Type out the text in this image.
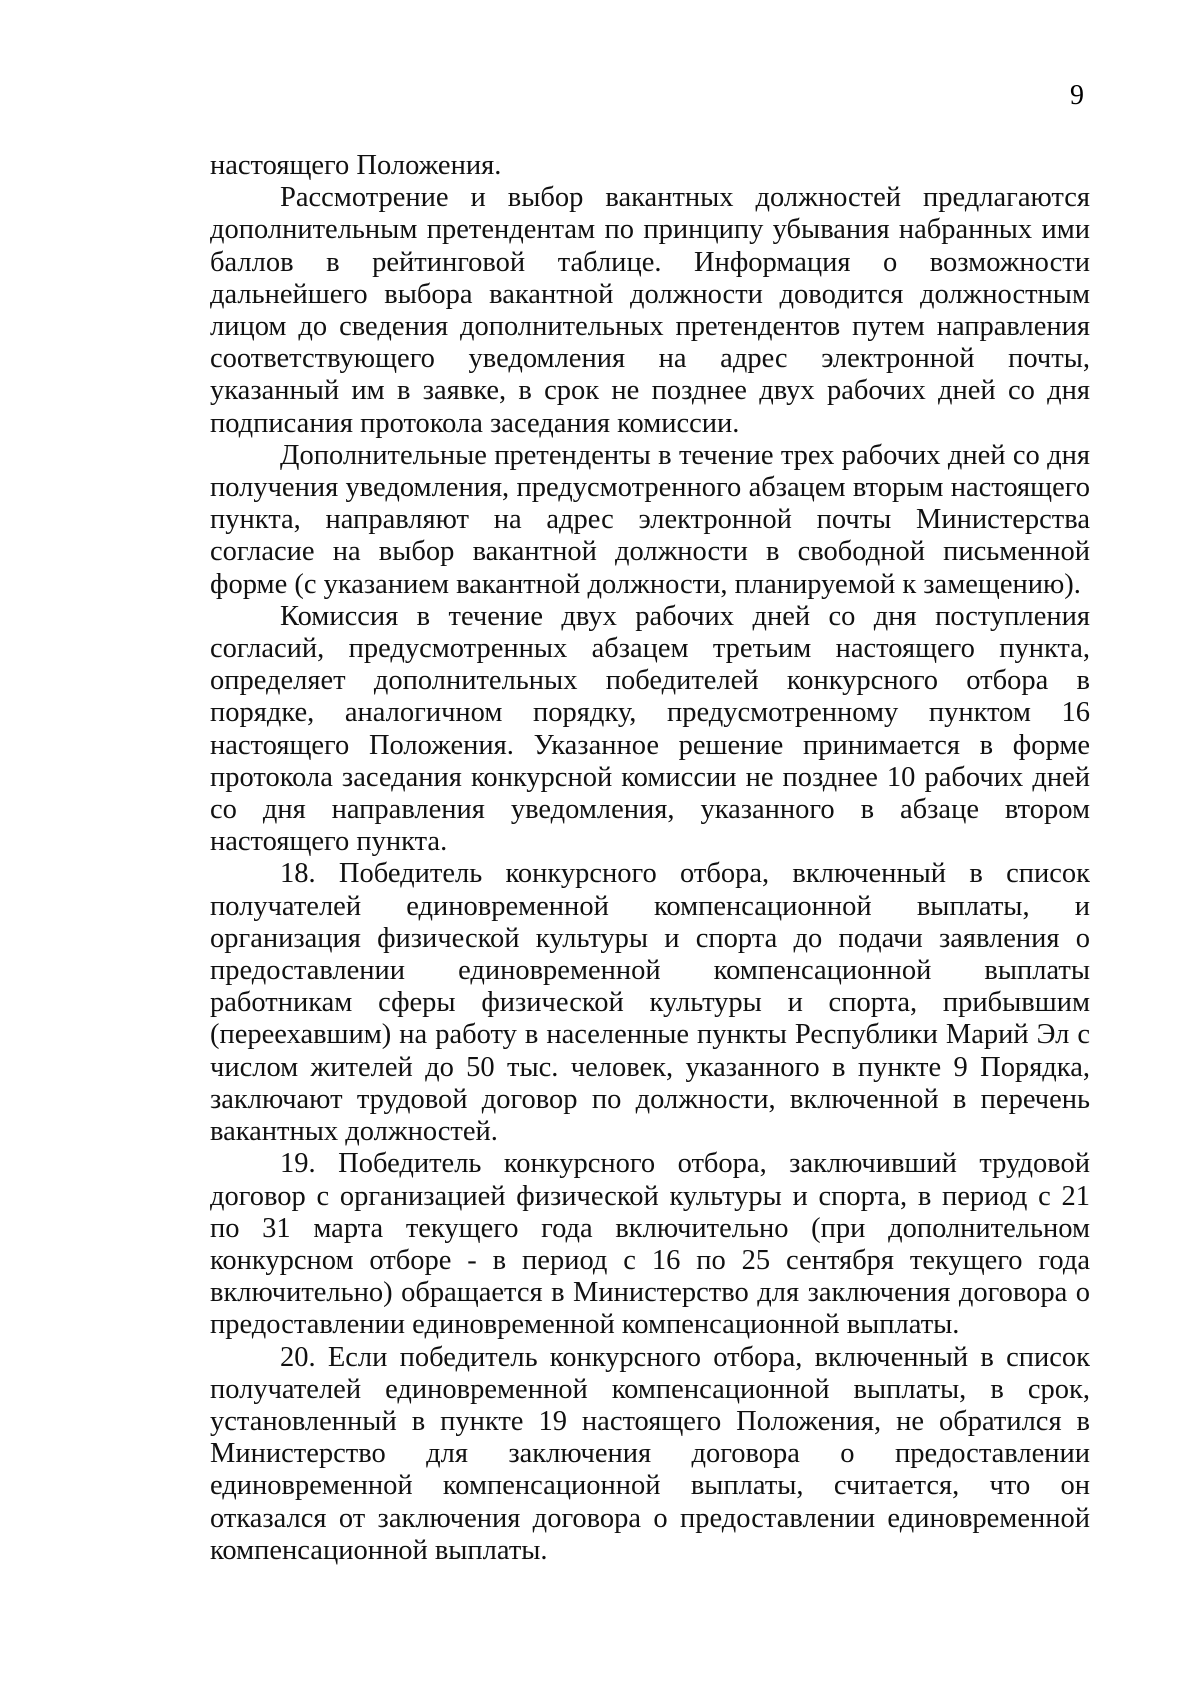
9

настоящего Положения.

Рассмотрение и выбор вакантных должностей предлагаются дополнительным претендентам по принципу убывания набранных ими баллов в рейтинговой таблице. Информация о возможности дальнейшего выбора вакантной должности доводится должностным лицом до сведения дополнительных претендентов путем направления соответствующего уведомления на адрес электронной почты, указанный им в заявке, в срок не позднее двух рабочих дней со дня подписания протокола заседания комиссии.

Дополнительные претенденты в течение трех рабочих дней со дня получения уведомления, предусмотренного абзацем вторым настоящего пункта, направляют на адрес электронной почты Министерства согласие на выбор вакантной должности в свободной письменной форме (с указанием вакантной должности, планируемой к замещению).

Комиссия в течение двух рабочих дней со дня поступления согласий, предусмотренных абзацем третьим настоящего пункта, определяет дополнительных победителей конкурсного отбора в порядке, аналогичном порядку, предусмотренному пунктом 16 настоящего Положения. Указанное решение принимается в форме протокола заседания конкурсной комиссии не позднее 10 рабочих дней со дня направления уведомления, указанного в абзаце втором настоящего пункта.

18. Победитель конкурсного отбора, включенный в список получателей единовременной компенсационной выплаты, и организация физической культуры и спорта до подачи заявления о предоставлении единовременной компенсационной выплаты работникам сферы физической культуры и спорта, прибывшим (переехавшим) на работу в населенные пункты Республики Марий Эл с числом жителей до 50 тыс. человек, указанного в пункте 9 Порядка, заключают трудовой договор по должности, включенной в перечень вакантных должностей.

19. Победитель конкурсного отбора, заключивший трудовой договор с организацией физической культуры и спорта, в период с 21 по 31 марта текущего года включительно (при дополнительном конкурсном отборе - в период с 16 по 25 сентября текущего года включительно) обращается в Министерство для заключения договора о предоставлении единовременной компенсационной выплаты.

20. Если победитель конкурсного отбора, включенный в список получателей единовременной компенсационной выплаты, в срок, установленный в пункте 19 настоящего Положения, не обратился в Министерство для заключения договора о предоставлении единовременной компенсационной выплаты, считается, что он отказался от заключения договора о предоставлении единовременной компенсационной выплаты.
